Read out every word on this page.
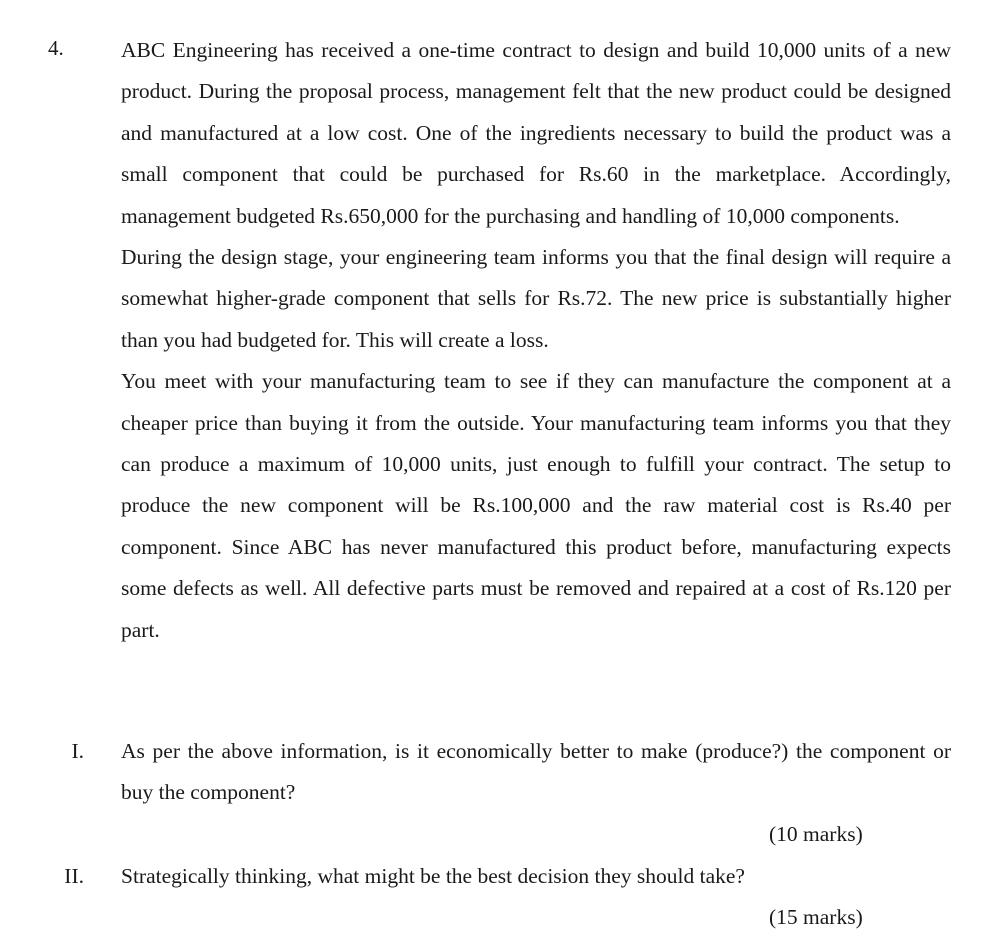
4.	ABC Engineering has received a one-time contract to design and build 10,000 units of a new product. During the proposal process, management felt that the new product could be designed and manufactured at a low cost. One of the ingredients necessary to build the product was a small component that could be purchased for Rs.60 in the marketplace. Accordingly, management budgeted Rs.650,000 for the purchasing and handling of 10,000 components.

During the design stage, your engineering team informs you that the final design will require a somewhat higher-grade component that sells for Rs.72. The new price is substantially higher than you had budgeted for. This will create a loss.

You meet with your manufacturing team to see if they can manufacture the component at a cheaper price than buying it from the outside. Your manufacturing team informs you that they can produce a maximum of 10,000 units, just enough to fulfill your contract. The setup to produce the new component will be Rs.100,000 and the raw material cost is Rs.40 per component. Since ABC has never manufactured this product before, manufacturing expects some defects as well. All defective parts must be removed and repaired at a cost of Rs.120 per part.

I. As per the above information, is it economically better to make (produce?) the component or buy the component?

(10 marks)
II. Strategically thinking, what might be the best decision they should take?

(15 marks)
